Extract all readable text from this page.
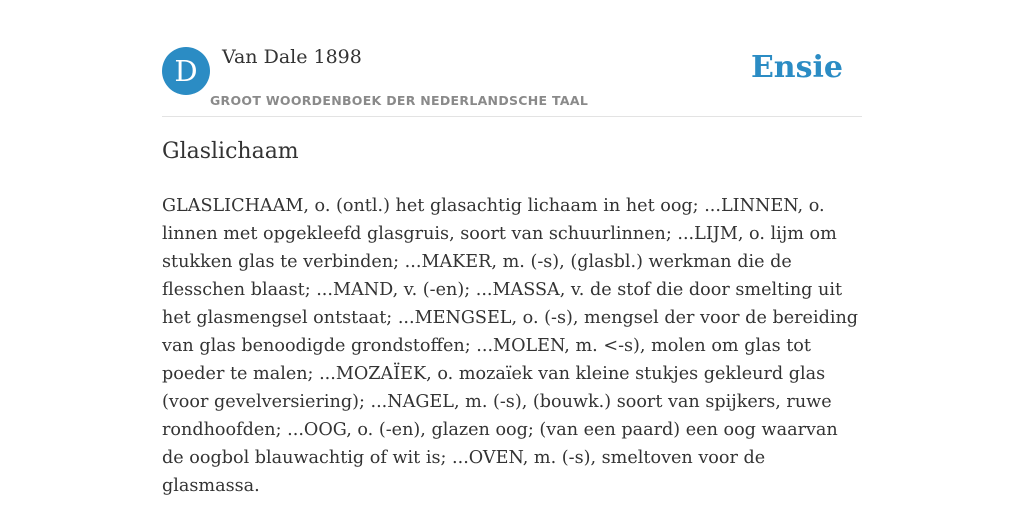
D	Van Dale 1898
GROOT WOORDENBOEK DER NEDERLANDSCHE TAAL
Ensie
Glaslichaam

GLASLICHAAM, o. (ontl.) het glasachtig lichaam in het oog; ...LINNEN, o. linnen met opgekleefd glasgruis, soort van schuurlinnen; ...LIJM, o. lijm om stukken glas te verbinden; ...MAKER, m. (-s), (glasbl.) werkman die de flesschen blaast; ...MAND, v. (-en); ...MASSA, v. de stof die door smelting uit het glasmengsel ontstaat; ...MENGSEL, o. (-s), mengsel der voor de bereiding van glas benoodigde grondstoffen; ...MOLEN, m. <-s), molen om glas tot poeder te malen; ...MOZAÏEK, o. mozaïek van kleine stukjes gekleurd glas (voor gevelversiering); ...NAGEL, m. (-s), (bouwk.) soort van spijkers, ruwe rondhoofden; ...OOG, o. (-en), glazen oog; (van een paard) een oog waarvan de oogbol blauwachtig of wit is; ...OVEN, m. (-s), smeltoven voor de glasmassa.
